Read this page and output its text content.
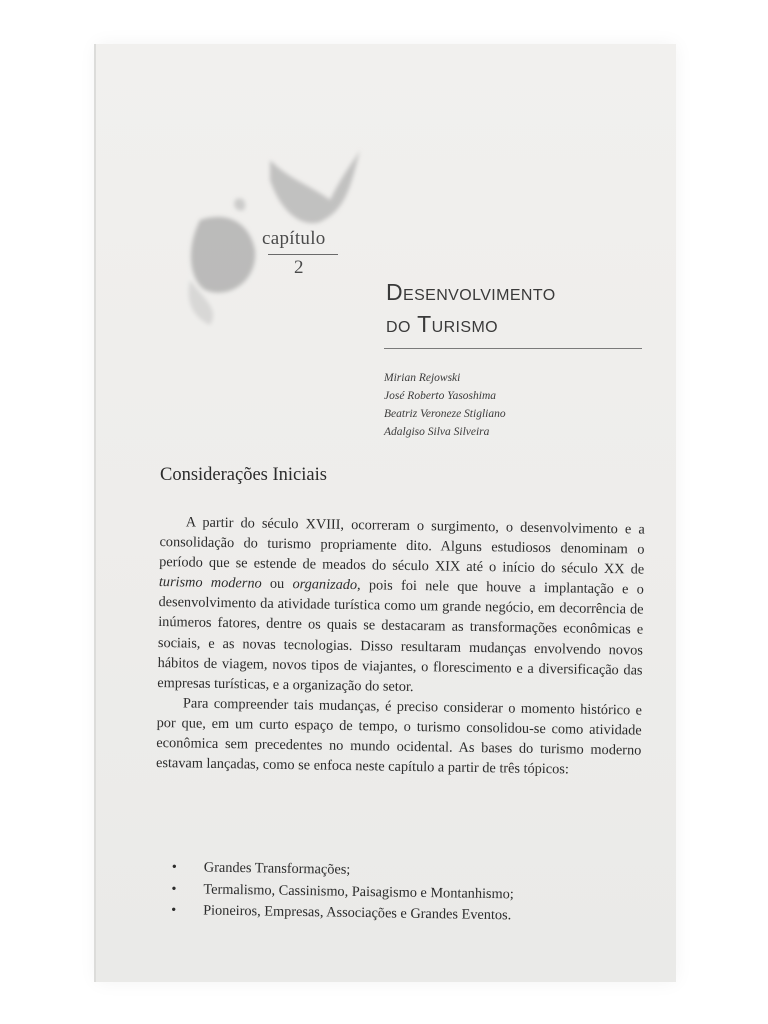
capítulo
2
Desenvolvimento
do Turismo
Mirian Rejowski
José Roberto Yasoshima
Beatriz Veroneze Stigliano
Adalgiso Silva Silveira
Considerações Iniciais

A partir do século XVIII, ocorreram o surgimento, o desenvolvimento e a consolidação do turismo propriamente dito. Alguns estudiosos denominam o período que se estende de meados do século XIX até o início do século XX de turismo moderno ou organizado, pois foi nele que houve a implantação e o desenvolvimento da atividade turística como um grande negócio, em decorrência de inúmeros fatores, dentre os quais se destacaram as transformações econômicas e sociais, e as novas tecnologias. Disso resultaram mudanças envolvendo novos hábitos de viagem, novos tipos de viajantes, o florescimento e a diversificação das empresas turísticas, e a organização do setor.

Para compreender tais mudanças, é preciso considerar o momento histórico e por que, em um curto espaço de tempo, o turismo consolidou-se como atividade econômica sem precedentes no mundo ocidental. As bases do turismo moderno estavam lançadas, como se enfoca neste capítulo a partir de três tópicos:

•	Grandes Transformações;
•	Termalismo, Cassinismo, Paisagismo e Montanhismo;
•	Pioneiros, Empresas, Associações e Grandes Eventos.
